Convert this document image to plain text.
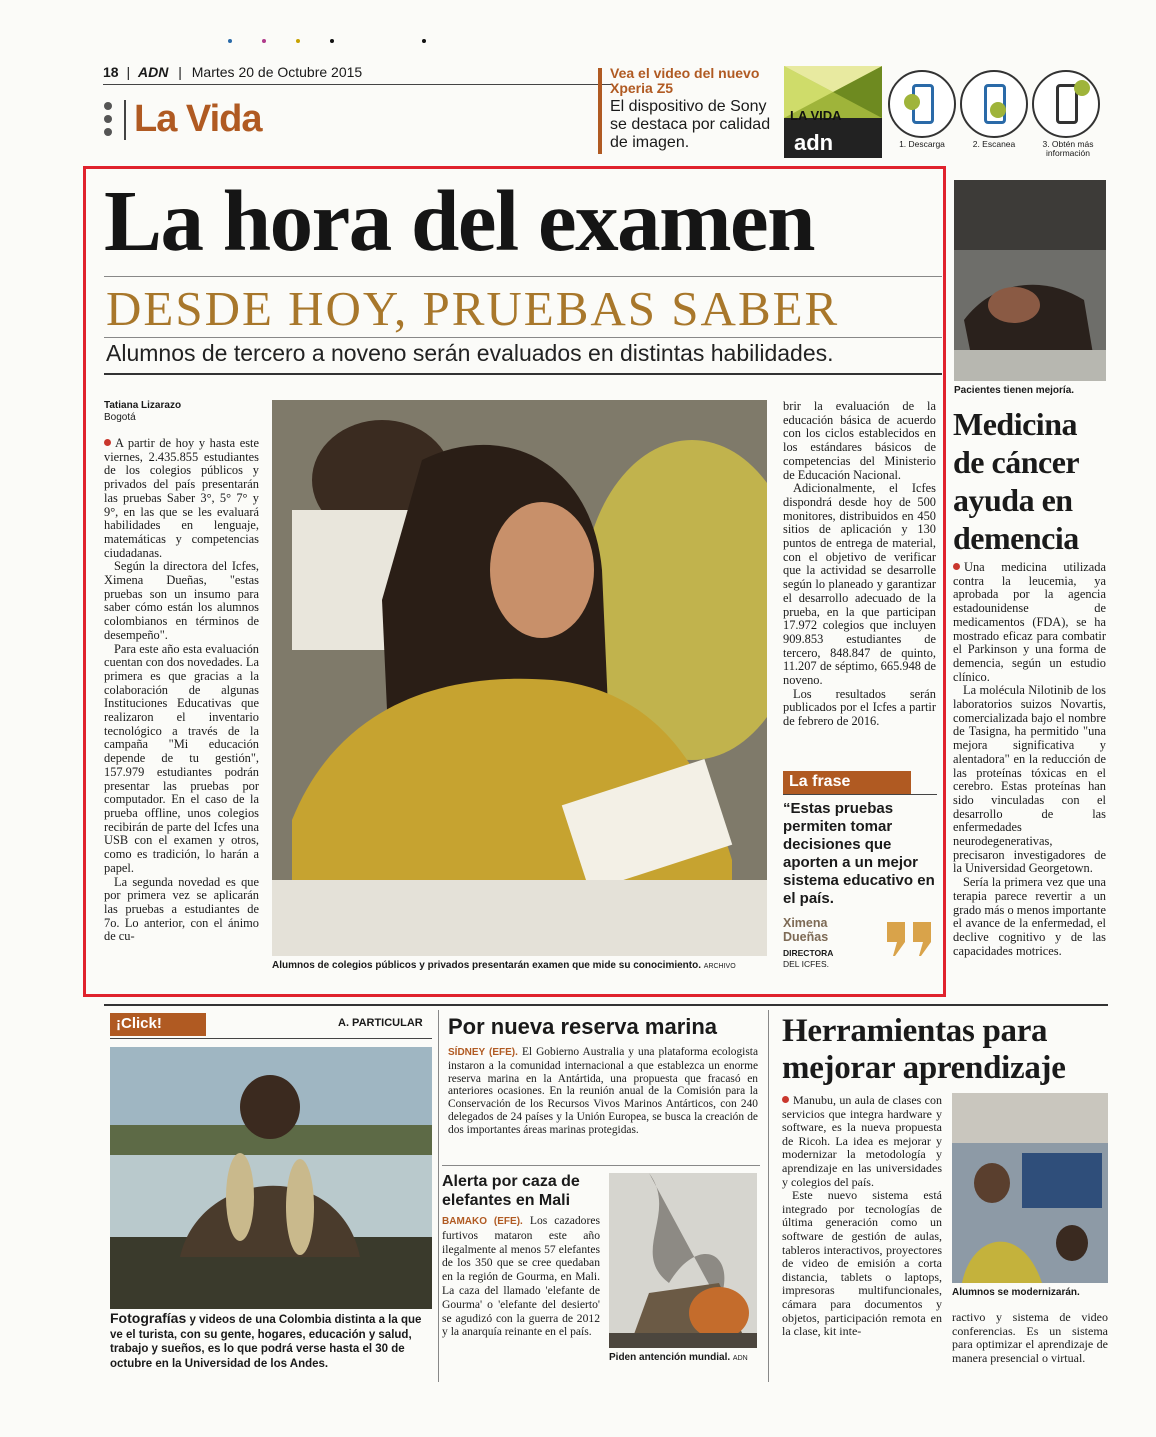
18 | ADN | Martes 20 de Octubre 2015
La Vida
Vea el video del nuevo Xperia Z5
El dispositivo de Sony se destaca por calidad de imagen.
LA VIDA
adn	1. Descarga	2. Escanea	3. Obtén más información
La hora del examen
DESDE HOY, PRUEBAS SABER
Alumnos de tercero a noveno serán evaluados en distintas habilidades.
Tatiana Lizarazo
Bogotá

A partir de hoy y hasta este viernes, 2.435.855 estudiantes de los colegios públicos y privados del país presentarán las pruebas Saber 3°, 5° 7° y 9°, en las que se les evaluará habilidades en lenguaje, matemáticas y competencias ciudadanas.

Según la directora del Icfes, Ximena Dueñas, "estas pruebas son un insumo para saber cómo están los alumnos colombianos en términos de desempeño".

Para este año esta evaluación cuentan con dos novedades. La primera es que gracias a la colaboración de algunas Instituciones Educativas que realizaron el inventario tecnológico a través de la campaña "Mi educación depende de tu gestión", 157.979 estudiantes podrán presentar las pruebas por computador. En el caso de la prueba offline, unos colegios recibirán de parte del Icfes una USB con el examen y otros, como es tradición, lo harán a papel.

La segunda novedad es que por primera vez se aplicarán las pruebas a estudiantes de 7o. Lo anterior, con el ánimo de cu-

Alumnos de colegios públicos y privados presentarán examen que mide su conocimiento. ARCHIVO

brir la evaluación de la educación básica de acuerdo con los ciclos establecidos en los estándares básicos de competencias del Ministerio de Educación Nacional.

Adicionalmente, el Icfes dispondrá desde hoy de 500 monitores, distribuidos en 450 sitios de aplicación y 130 puntos de entrega de material, con el objetivo de verificar que la actividad se desarrolle según lo planeado y garantizar el desarrollo adecuado de la prueba, en la que participan 17.972 colegios que incluyen 909.853 estudiantes de tercero, 848.847 de quinto, 11.207 de séptimo, 665.948 de noveno.

Los resultados serán publicados por el Icfes a partir de febrero de 2016.

La frase
“Estas pruebas permiten tomar decisiones que aporten a un mejor sistema educativo en el país.
Ximena Dueñas
DIRECTORA
DEL ICFES.
Pacientes tienen mejoría.
Medicina de cáncer ayuda en demencia

Una medicina utilizada contra la leucemia, ya aprobada por la agencia estadounidense de medicamentos (FDA), se ha mostrado eficaz para combatir el Parkinson y una forma de demencia, según un estudio clínico.

La molécula Nilotinib de los laboratorios suizos Novartis, comercializada bajo el nombre de Tasigna, ha permitido "una mejora significativa y alentadora" en la reducción de las proteínas tóxicas en el cerebro. Estas proteínas han sido vinculadas con el desarrollo de las enfermedades neurodegenerativas, precisaron investigadores de la Universidad Georgetown.

Sería la primera vez que una terapia parece revertir a un grado más o menos importante el avance de la enfermedad, el declive cognitivo y de las capacidades motrices.

¡Click!	A. PARTICULAR
Fotografías y videos de una Colombia distinta a la que ve el turista, con su gente, hogares, educación y salud, trabajo y sueños, es lo que podrá verse hasta el 30 de octubre en la Universidad de los Andes.
Por nueva reserva marina
SÍDNEY (EFE). El Gobierno Australia y una plataforma ecologista instaron a la comunidad internacional a que establezca un enorme reserva marina en la Antártida, una propuesta que fracasó en anteriores ocasiones. En la reunión anual de la Comisión para la Conservación de los Recursos Vivos Marinos Antárticos, con 240 delegados de 24 países y la Unión Europea, se busca la creación de dos importantes áreas marinas protegidas.
Alerta por caza de elefantes en Mali
BAMAKO (EFE). Los cazadores furtivos mataron este año ilegalmente al menos 57 elefantes de los 350 que se cree quedaban en la región de Gourma, en Mali. La caza del llamado 'elefante de Gourma' o 'elefante del desierto' se agudizó con la guerra de 2012 y la anarquía reinante en el país.
Piden antención mundial. ADN
Herramientas para mejorar aprendizaje

Manubu, un aula de clases con servicios que integra hardware y software, es la nueva propuesta de Ricoh. La idea es mejorar y modernizar la metodología y aprendizaje en las universidades y colegios del país.

Este nuevo sistema está integrado por tecnologías de última generación como un software de gestión de aulas, tableros interactivos, proyectores de video de emisión a corta distancia, tablets o laptops, impresoras multifuncionales, cámara para documentos y objetos, participación remota en la clase, kit inte-

Alumnos se modernizarán.
ractivo y sistema de video conferencias. Es un sistema para optimizar el aprendizaje de manera presencial o virtual.
